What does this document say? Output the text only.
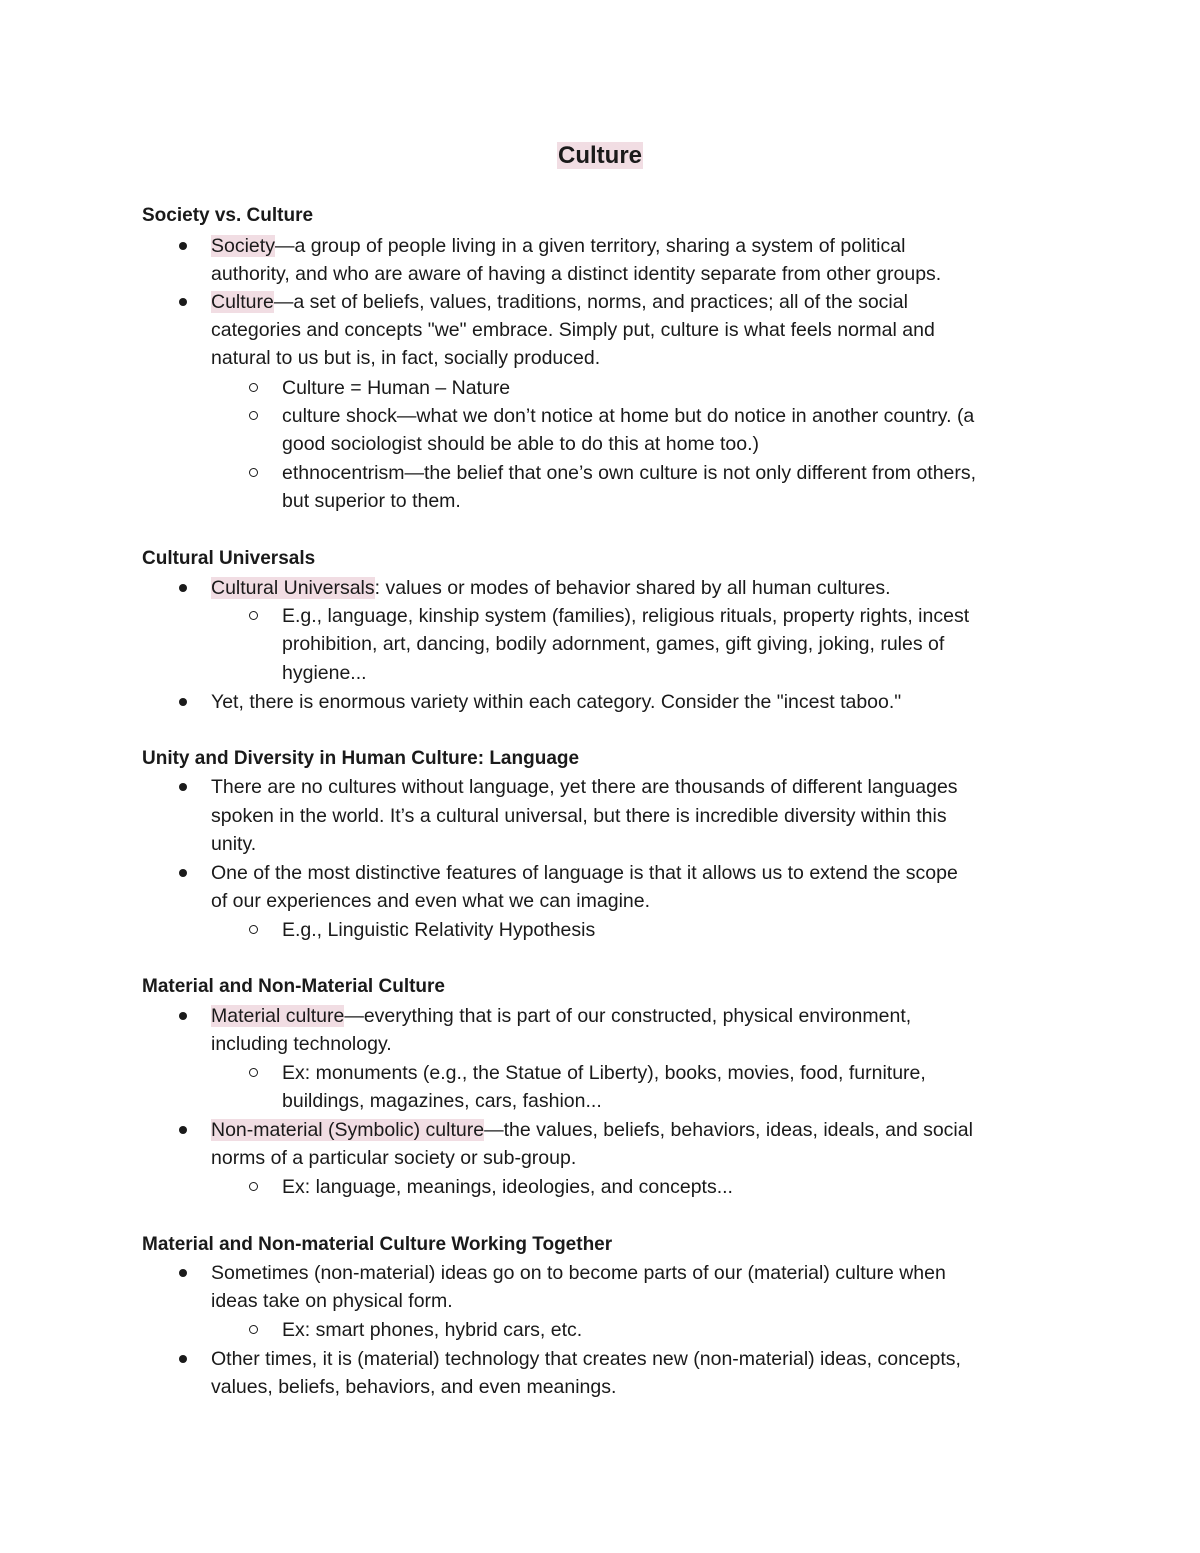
Culture
Society vs. Culture
Society—a group of people living in a given territory, sharing a system of political
authority, and who are aware of having a distinct identity separate from other groups.
Culture—a set of beliefs, values, traditions, norms, and practices; all of the social
categories and concepts "we" embrace. Simply put, culture is what feels normal and
natural to us but is, in fact, socially produced.
Culture = Human – Nature
culture shock—what we don’t notice at home but do notice in another country. (a
good sociologist should be able to do this at home too.)
ethnocentrism—the belief that one’s own culture is not only different from others,
but superior to them.
Cultural Universals
Cultural Universals: values or modes of behavior shared by all human cultures.
E.g., language, kinship system (families), religious rituals, property rights, incest
prohibition, art, dancing, bodily adornment, games, gift giving, joking, rules of
hygiene...
Yet, there is enormous variety within each category. Consider the "incest taboo."
Unity and Diversity in Human Culture: Language
There are no cultures without language, yet there are thousands of different languages
spoken in the world. It’s a cultural universal, but there is incredible diversity within this
unity.
One of the most distinctive features of language is that it allows us to extend the scope
of our experiences and even what we can imagine.
E.g., Linguistic Relativity Hypothesis
Material and Non-Material Culture
Material culture—everything that is part of our constructed, physical environment,
including technology.
Ex: monuments (e.g., the Statue of Liberty), books, movies, food, furniture,
buildings, magazines, cars, fashion...
Non-material (Symbolic) culture—the values, beliefs, behaviors, ideas, ideals, and social
norms of a particular society or sub-group.
Ex: language, meanings, ideologies, and concepts...
Material and Non-material Culture Working Together
Sometimes (non-material) ideas go on to become parts of our (material) culture when
ideas take on physical form.
Ex: smart phones, hybrid cars, etc.
Other times, it is (material) technology that creates new (non-material) ideas, concepts,
values, beliefs, behaviors, and even meanings.
